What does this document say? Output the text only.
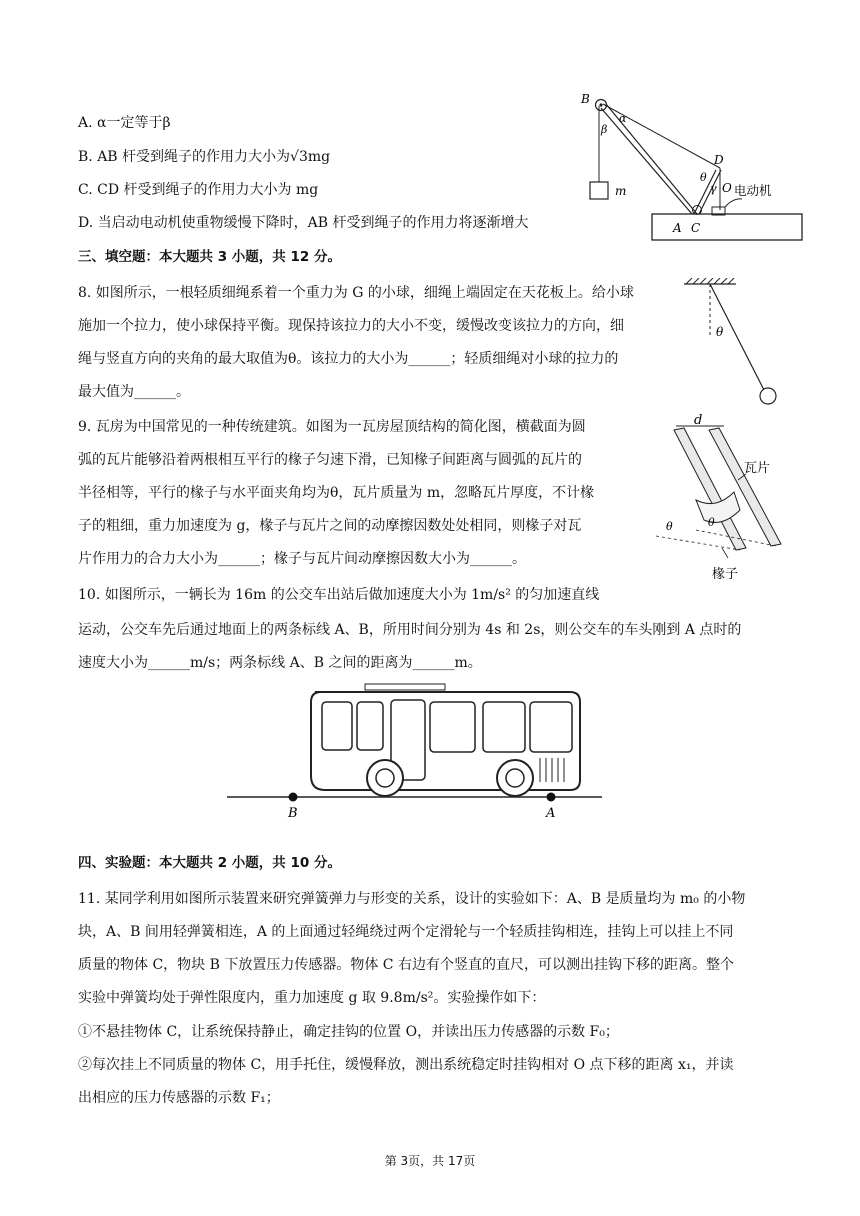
A. α一定等于β
B. AB 杆受到绳子的作用力大小为√3mg
C. CD 杆受到绳子的作用力大小为 mg
D. 当启动电动机使重物缓慢下降时，AB 杆受到绳子的作用力将逐渐增大
B
α
β
D
θ
γ O
m	电动机
A C
三、填空题：本大题共 3 小题，共 12 分。
8. 如图所示，一根轻质细绳系着一个重力为 G 的小球，细绳上端固定在天花板上。给小球
施加一个拉力，使小球保持平衡。现保持该拉力的大小不变，缓慢改变该拉力的方向，细
绳与竖直方向的夹角的最大取值为θ。该拉力的大小为______；轻质细绳对小球的拉力的
最大值为______。
θ
9. 瓦房为中国常见的一种传统建筑。如图为一瓦房屋顶结构的简化图，横截面为圆
弧的瓦片能够沿着两根相互平行的椽子匀速下滑，已知椽子间距离与圆弧的瓦片的
半径相等，平行的椽子与水平面夹角均为θ，瓦片质量为 m，忽略瓦片厚度，不计椽
子的粗细，重力加速度为 g，椽子与瓦片之间的动摩擦因数处处相同，则椽子对瓦
片作用力的合力大小为______；椽子与瓦片间动摩擦因数大小为______。
d
瓦片
θ	θ
椽子
10. 如图所示，一辆长为 16m 的公交车出站后做加速度大小为 1m/s² 的匀加速直线
运动，公交车先后通过地面上的两条标线 A、B，所用时间分别为 4s 和 2s，则公交车的车头刚到 A 点时的
速度大小为______m/s；两条标线 A、B 之间的距离为______m。
B	A
四、实验题：本大题共 2 小题，共 10 分。
11. 某同学利用如图所示装置来研究弹簧弹力与形变的关系，设计的实验如下：A、B 是质量均为 m₀ 的小物
块，A、B 间用轻弹簧相连，A 的上面通过轻绳绕过两个定滑轮与一个轻质挂钩相连，挂钩上可以挂上不同
质量的物体 C，物块 B 下放置压力传感器。物体 C 右边有个竖直的直尺，可以测出挂钩下移的距离。整个
实验中弹簧均处于弹性限度内，重力加速度 g 取 9.8m/s²。实验操作如下：
①不悬挂物体 C，让系统保持静止，确定挂钩的位置 O，并读出压力传感器的示数 F₀；
②每次挂上不同质量的物体 C，用手托住，缓慢释放，测出系统稳定时挂钩相对 O 点下移的距离 x₁，并读
出相应的压力传感器的示数 F₁；
第 3页，共 17页
